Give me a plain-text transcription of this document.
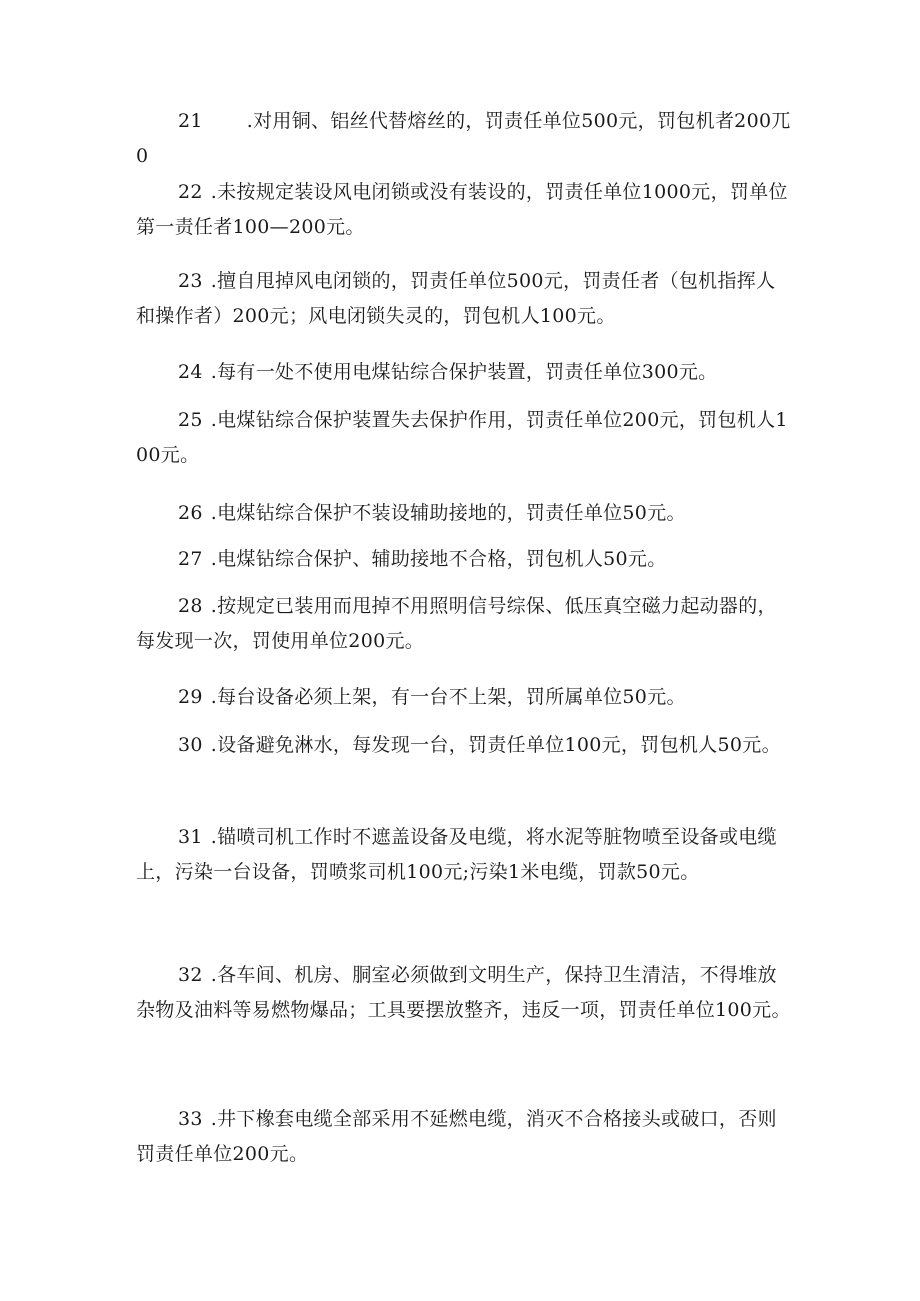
21 .对用铜、铝丝代替熔丝的，罚责任单位500元，罚包机者200兀0

22 .未按规定装设风电闭锁或没有装设的，罚责任单位1000元，罚单位第一责任者100—200元。

23 .擅自甩掉风电闭锁的，罚责任单位500元，罚责任者（包机指挥人和操作者）200元；风电闭锁失灵的，罚包机人100元。

24 .每有一处不使用电煤钻综合保护装置，罚责任单位300元。

25 .电煤钻综合保护装置失去保护作用，罚责任单位200元，罚包机人100元。

26 .电煤钻综合保护不装设辅助接地的，罚责任单位50元。

27 .电煤钻综合保护、辅助接地不合格，罚包机人50元。

28 .按规定已装用而甩掉不用照明信号综保、低压真空磁力起动器的，每发现一次，罚使用单位200元。

29 .每台设备必须上架，有一台不上架，罚所属单位50元。

30 .设备避免淋水，每发现一台，罚责任单位100元，罚包机人50元。

31 .锚喷司机工作时不遮盖设备及电缆，将水泥等脏物喷至设备或电缆上，污染一台设备，罚喷浆司机100元;污染1米电缆，罚款50元。

32 .各车间、机房、胴室必须做到文明生产，保持卫生清洁，不得堆放杂物及油料等易燃物爆品；工具要摆放整齐，违反一项，罚责任单位100元。

33 .井下橡套电缆全部采用不延燃电缆，消灭不合格接头或破口，否则罚责任单位200元。
